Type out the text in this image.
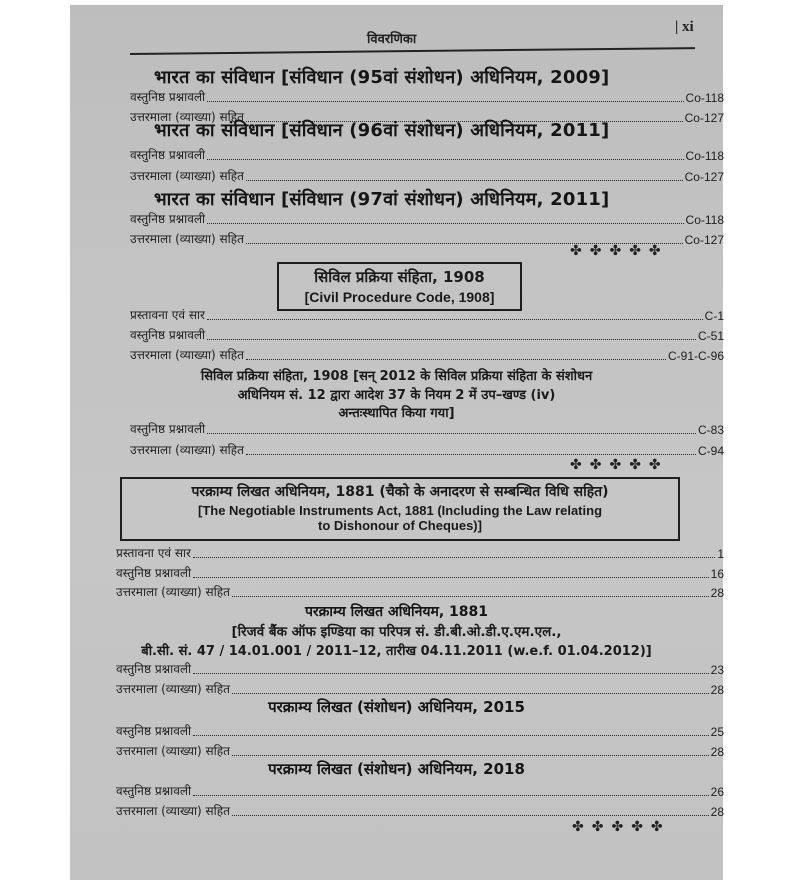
विवरणिका
| xi
भारत का संविधान [संविधान (95वां संशोधन) अधिनियम, 2009]
वस्तुनिष्ठ प्रश्नावली	Co-118
उत्तरमाला (व्याख्या) सहित	Co-127
भारत का संविधान [संविधान (96वां संशोधन) अधिनियम, 2011]
वस्तुनिष्ठ प्रश्नावली	Co-118
उत्तरमाला (व्याख्या) सहित	Co-127
भारत का संविधान [संविधान (97वां संशोधन) अधिनियम, 2011]
वस्तुनिष्ठ प्रश्नावली	Co-118
उत्तरमाला (व्याख्या) सहित	Co-127
✤✤✤✤✤
सिविल प्रक्रिया संहिता, 1908
[Civil Procedure Code, 1908]
प्रस्तावना एवं सार	C-1
वस्तुनिष्ठ प्रश्नावली	C-51
उत्तरमाला (व्याख्या) सहित	C-91-C-96
सिविल प्रक्रिया संहिता, 1908 [सन् 2012 के सिविल प्रक्रिया संहिता के संशोधन
अधिनियम सं. 12 द्वारा आदेश 37 के नियम 2 में उप–खण्ड (iv)
अन्तःस्थापित किया गया]
वस्तुनिष्ठ प्रश्नावली	C-83
उत्तरमाला (व्याख्या) सहित	C-94
✤✤✤✤✤
परक्राम्य लिखत अधिनियम, 1881 (चैको के अनादरण से सम्बन्धित विधि सहित)
[The Negotiable Instruments Act, 1881 (Including the Law relating
to Dishonour of Cheques)]
प्रस्तावना एवं सार	1
वस्तुनिष्ठ प्रश्नावली	16
उत्तरमाला (व्याख्या) सहित	28
परक्राम्य लिखत अधिनियम, 1881
[रिजर्व बैंक ऑफ इण्डिया का परिपत्र सं. डी.बी.ओ.डी.ए.एम.एल.,
बी.सी. सं. 47 / 14.01.001 / 2011–12, तारीख 04.11.2011 (w.e.f. 01.04.2012)]
वस्तुनिष्ठ प्रश्नावली	23
उत्तरमाला (व्याख्या) सहित	28
परक्राम्य लिखत (संशोधन) अधिनियम, 2015
वस्तुनिष्ठ प्रश्नावली	25
उत्तरमाला (व्याख्या) सहित	28
परक्राम्य लिखत (संशोधन) अधिनियम, 2018
वस्तुनिष्ठ प्रश्नावली	26
उत्तरमाला (व्याख्या) सहित	28
✤✤✤✤✤
